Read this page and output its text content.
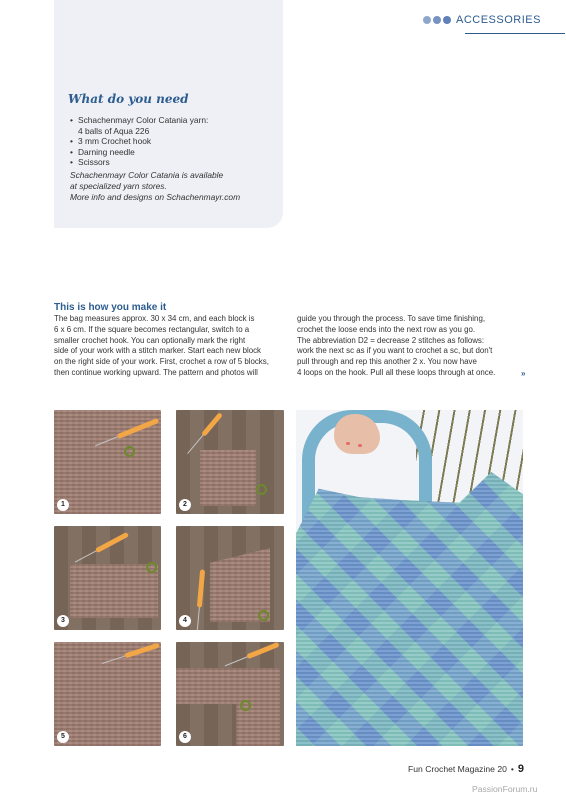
What do you need
• Schachenmayr Color Catania yarn:
4 balls of Aqua 226
• 3 mm Crochet hook
• Darning needle
• Scissors
Schachenmayr Color Catania is available
at specialized yarn stores.
More info and designs on Schachenmayr.com
ACCESSORIES
This is how you make it
The bag measures approx. 30 x 34 cm, and each block is
6 x 6 cm. If the square becomes rectangular, switch to a
smaller crochet hook. You can optionally mark the right
side of your work with a stitch marker. Start each new block
on the right side of your work. First, crochet a row of 5 blocks,
then continue working upward. The pattern and photos will
guide you through the process. To save time finishing,
crochet the loose ends into the next row as you go.
The abbreviation D2 = decrease 2 stitches as follows:
work the next sc as if you want to crochet a sc, but don't
pull through and rep this another 2 x. You now have
4 loops on the hook. Pull all these loops through at once.	»
1	2
3	4
5	6
Fun Crochet Magazine 20 • 9
PassionForum.ru
